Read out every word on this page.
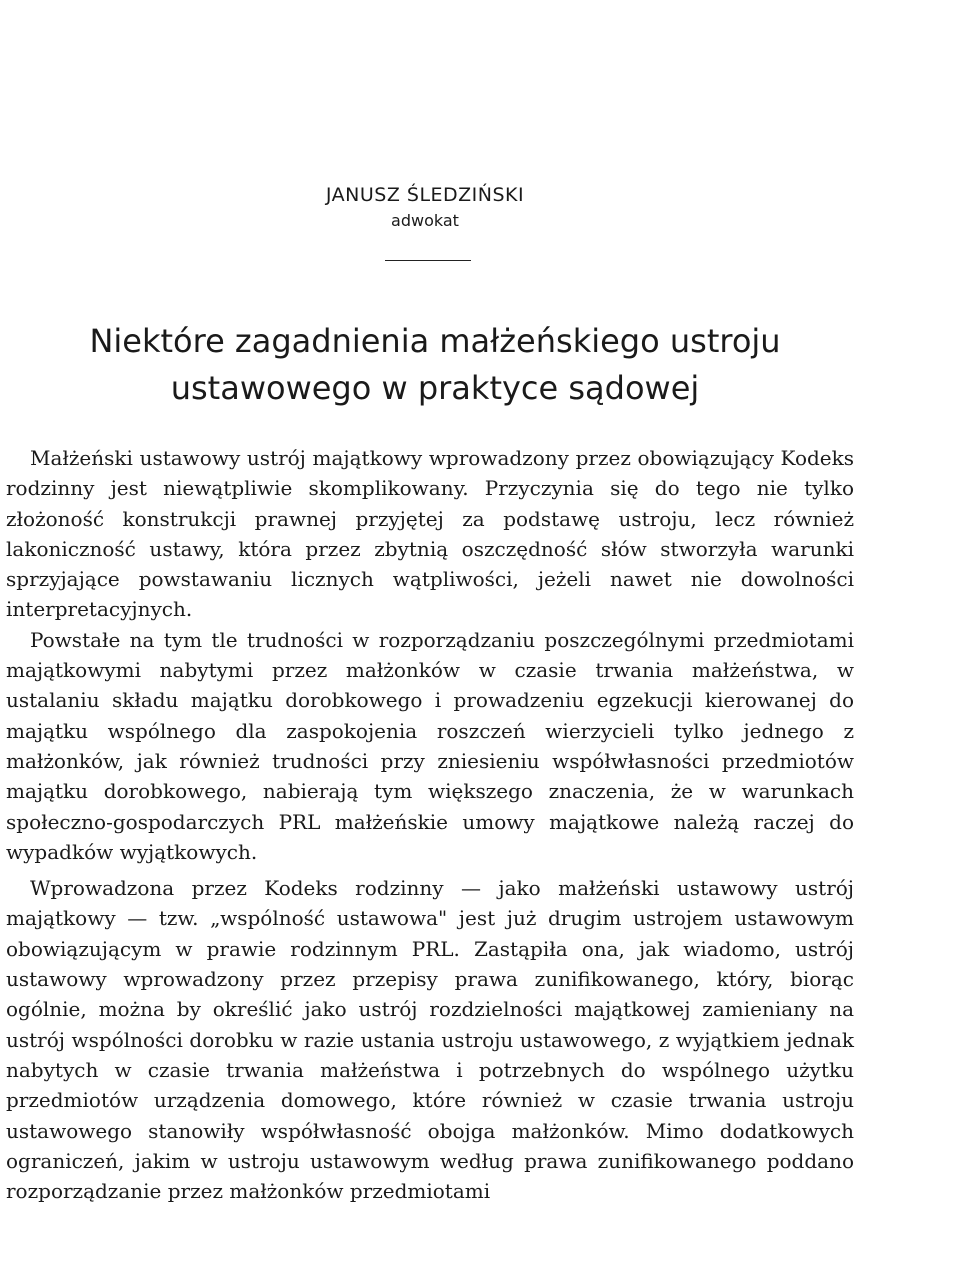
JANUSZ ŚLEDZIŃSKI
adwokat
Niektóre zagadnienia małżeńskiego ustroju
ustawowego w praktyce sądowej

Małżeński ustawowy ustrój majątkowy wprowadzony przez obowiązujący Kodeks rodzinny jest niewątpliwie skomplikowany. Przyczynia się do tego nie tylko złożoność konstrukcji prawnej przyjętej za podstawę ustroju, lecz również lakoniczność ustawy, która przez zbytnią oszczędność słów stworzyła warunki sprzyjające powstawaniu licznych wątpliwości, jeżeli nawet nie dowolności interpretacyjnych.

Powstałe na tym tle trudności w rozporządzaniu poszczególnymi przedmiotami majątkowymi nabytymi przez małżonków w czasie trwania małżeństwa, w ustalaniu składu majątku dorobkowego i prowadzeniu egzekucji kierowanej do majątku wspólnego dla zaspokojenia roszczeń wierzycieli tylko jednego z małżonków, jak również trudności przy zniesieniu współwłasności przedmiotów majątku dorobkowego, nabierają tym większego znaczenia, że w warunkach społeczno-gospodarczych PRL małżeńskie umowy majątkowe należą raczej do wypadków wyjątkowych.

Wprowadzona przez Kodeks rodzinny — jako małżeński ustawowy ustrój majątkowy — tzw. „wspólność ustawowa" jest już drugim ustrojem ustawowym obowiązującym w prawie rodzinnym PRL. Zastąpiła ona, jak wiadomo, ustrój ustawowy wprowadzony przez przepisy prawa zunifikowanego, który, biorąc ogólnie, można by określić jako ustrój rozdzielności majątkowej zamieniany na ustrój wspólności dorobku w razie ustania ustroju ustawowego, z wyjątkiem jednak nabytych w czasie trwania małżeństwa i potrzebnych do wspólnego użytku przedmiotów urządzenia domowego, które również w czasie trwania ustroju ustawowego stanowiły współwłasność obojga małżonków. Mimo dodatkowych ograniczeń, jakim w ustroju ustawowym według prawa zunifikowanego poddano rozporządzanie przez małżonków przedmiotami
